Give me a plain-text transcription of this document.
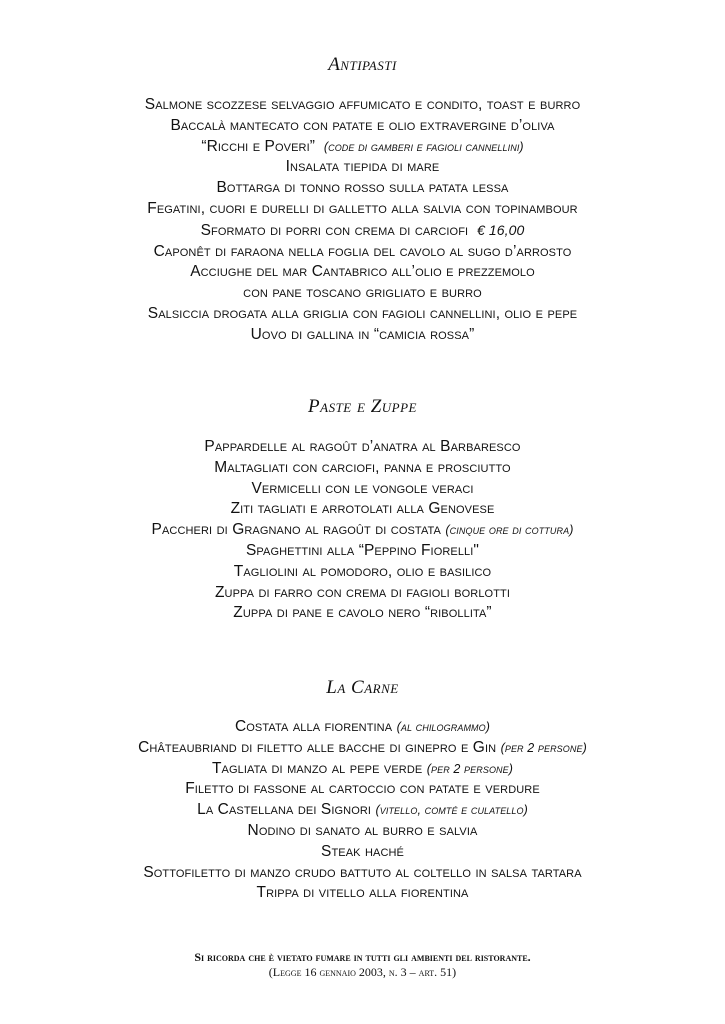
Antipasti
Salmone scozzese selvaggio affumicato e condito, toast e burro
Baccalà mantecato con patate e olio extravergine d’oliva
“Ricchi e Poveri” (code di gamberi e fagioli cannellini)
Insalata tiepida di mare
Bottarga di tonno rosso sulla patata lessa
Fegatini, cuori e durelli di galletto alla salvia con topinambour
Sformato di porri con crema di carciofi € 16,00
Caponêt di faraona nella foglia del cavolo al sugo d’arrosto
Acciughe del mar Cantabrico all’olio e prezzemolo
con pane toscano grigliato e burro
Salsiccia drogata alla griglia con fagioli cannellini, olio e pepe
Uovo di gallina in “camicia rossa”
Paste e Zuppe
Pappardelle al ragoût d’anatra al Barbaresco
Maltagliati con carciofi, panna e prosciutto
Vermicelli con le vongole veraci
Ziti tagliati e arrotolati alla Genovese
Paccheri di Gragnano al ragoût di costata (cinque ore di cottura)
Spaghettini alla “Peppino Fiorelli"
Tagliolini al pomodoro, olio e basilico
Zuppa di farro con crema di fagioli borlotti
Zuppa di pane e cavolo nero “ribollita”
La Carne
Costata alla fiorentina (al chilogrammo)
Châteaubriand di filetto alle bacche di ginepro e Gin (per 2 persone)
Tagliata di manzo al pepe verde (per 2 persone)
Filetto di fassone al cartoccio con patate e verdure
La Castellana dei Signori (vitello, comté e culatello)
Nodino di sanato al burro e salvia
Steak haché
Sottofiletto di manzo crudo battuto al coltello in salsa tartara
Trippa di vitello alla fiorentina
Si ricorda che è vietato fumare in tutti gli ambienti del ristorante.
(Legge 16 gennaio 2003, n. 3 – art. 51)
